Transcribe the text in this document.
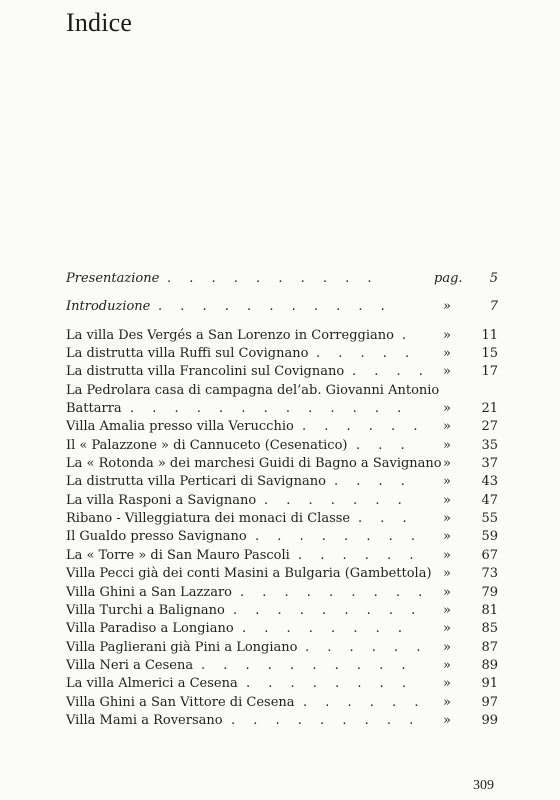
Indice
Presentazione . . . . . . . . . .	pag.	5
Introduzione . . . . . . . . . . .	»	7
La villa Des Vergés a San Lorenzo in Correggiano .	»	11
La distrutta villa Ruffi sul Covignano . . . . .	»	15
La distrutta villa Francolini sul Covignano . . . .	»	17
La Pedrolara casa di campagna del’ab. Giovanni Antonio
Battarra . . . . . . . . . . . . .	»	21
Villa Amalia presso villa Verucchio . . . . . .	»	27
Il « Palazzone » di Cannuceto (Cesenatico) . . .	»	35
La « Rotonda » dei marchesi Guidi di Bagno a Savignano »	37
La distrutta villa Perticari di Savignano . . . .	»	43
La villa Rasponi a Savignano . . . . . . .	»	47
Ribano - Villeggiatura dei monaci di Classe . . .	»	55
Il Gualdo presso Savignano . . . . . . . .	»	59
La « Torre » di San Mauro Pascoli . . . . . .	»	67
Villa Pecci già dei conti Masini a Bulgaria (Gambettola) »	73
Villa Ghini a San Lazzaro . . . . . . . . .	»	79
Villa Turchi a Balignano . . . . . . . . .	»	81
Villa Paradiso a Longiano . . . . . . . .	»	85
Villa Paglierani già Pini a Longiano . . . . . .	»	87
Villa Neri a Cesena . . . . . . . . . .	»	89
La villa Almerici a Cesena . . . . . . . .	»	91
Villa Ghini a San Vittore di Cesena . . . . . .	»	97
Villa Mami a Roversano . . . . . . . . .	»	99
309
